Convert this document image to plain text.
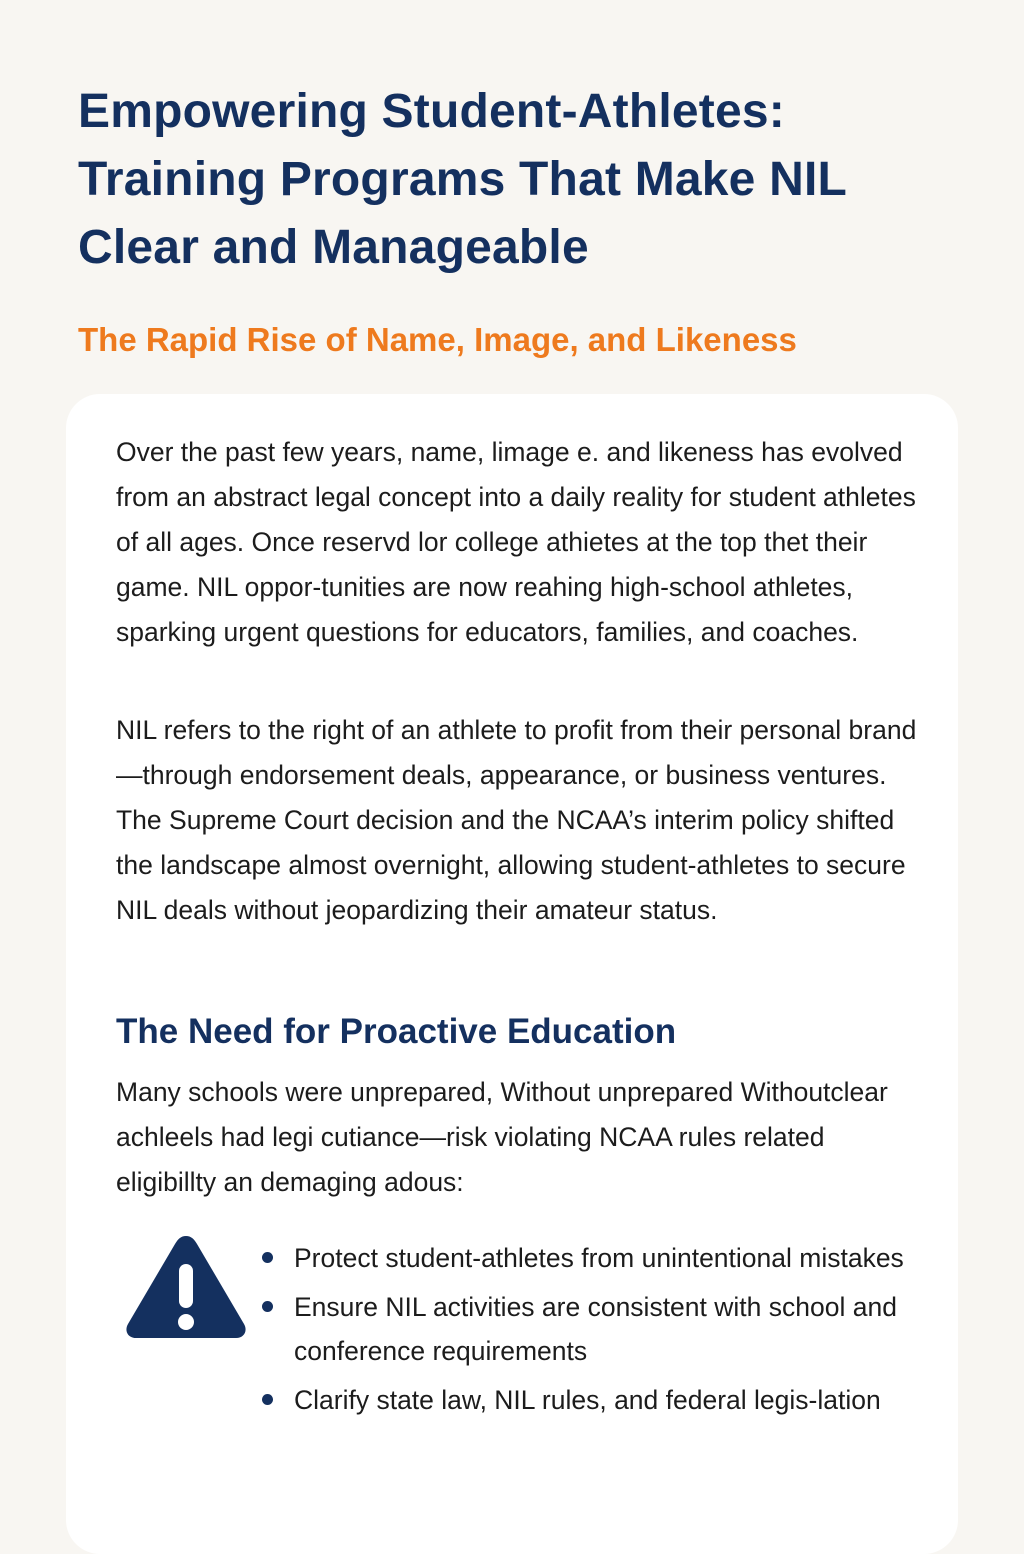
Empowering Student-Athletes: Training Programs That Make NIL Clear and Manageable
The Rapid Rise of Name, Image, and Likeness

Over the past few years, name, limage e. and likeness has evolved from an abstract legal concept into a daily reality for student athletes of all ages. Once reservd lor college athietes at the top thet their game. NIL oppor-tunities are now reahing high-school athletes, sparking urgent questions for educators, families, and coaches.

NIL refers to the right of an athlete to profit from their personal brand—through endorsement deals, appearance, or business ventures. The Supreme Court decision and the NCAA’s interim policy shifted the landscape almost overnight, allowing student-athletes to secure NIL deals without jeopardizing their amateur status.

The Need for Proactive Education

Many schools were unprepared, Without unprepared Withoutclear achleels had legi cutiance—risk violating NCAA rules related eligibillty an demaging adous:

Protect student-athletes from unintentional mistakes
Ensure NIL activities are consistent with school and conference requirements
Clarify state law, NIL rules, and federal legis-lation
